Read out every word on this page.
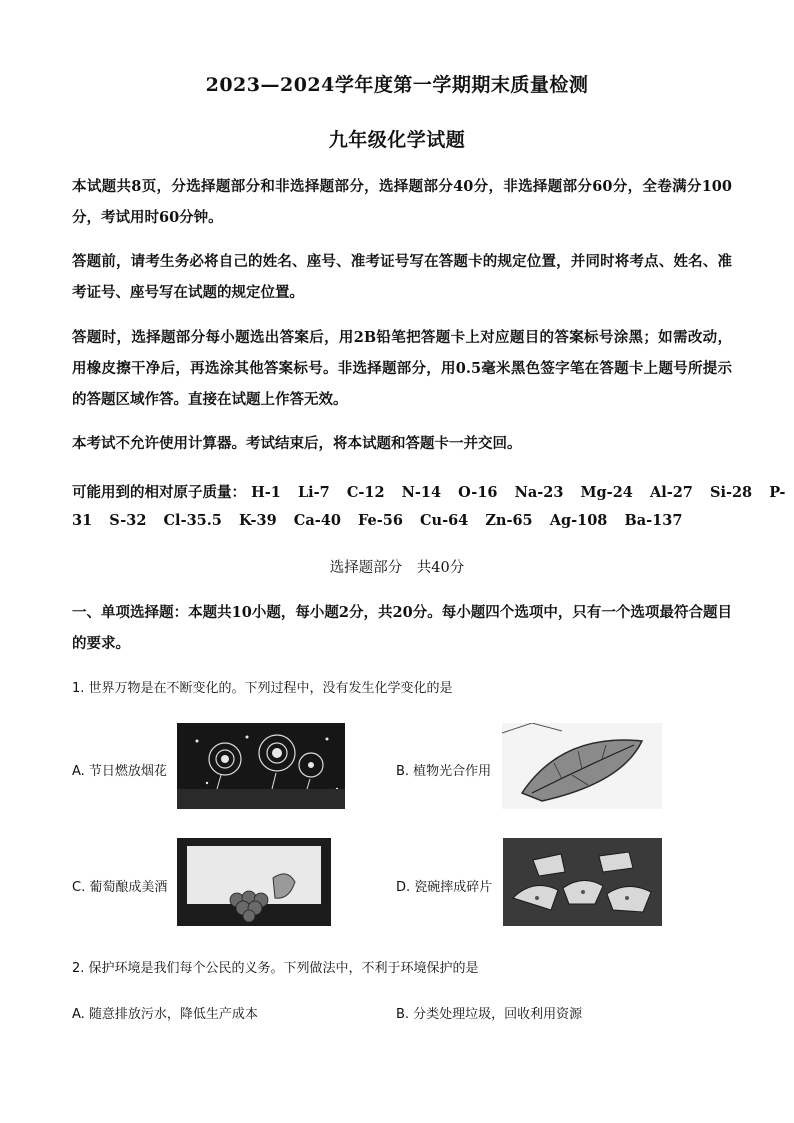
2023—2024学年度第一学期期末质量检测
九年级化学试题
本试题共8页，分选择题部分和非选择题部分，选择题部分40分，非选择题部分60分，全卷满分100分，考试用时60分钟。
答题前，请考生务必将自己的姓名、座号、准考证号写在答题卡的规定位置，并同时将考点、姓名、准考证号、座号写在试题的规定位置。
答题时，选择题部分每小题选出答案后，用2B铅笔把答题卡上对应题目的答案标号涂黑；如需改动，用橡皮擦干净后，再选涂其他答案标号。非选择题部分，用0.5毫米黑色签字笔在答题卡上题号所提示的答题区域作答。直接在试题上作答无效。
本考试不允许使用计算器。考试结束后，将本试题和答题卡一并交回。
可能用到的相对原子质量： H-1 Li-7 C-12 N-14 O-16 Na-23 Mg-24 Al-27 Si-28 P-
31 S-32 Cl-35.5 K-39 Ca-40 Fe-56 Cu-64 Zn-65 Ag-108 Ba-137
选择题部分　共40分
一、单项选择题：本题共10小题，每小题2分，共20分。每小题四个选项中，只有一个选项最符合题目的要求。
1. 世界万物是在不断变化的。下列过程中，没有发生化学变化的是
A. 节日燃放烟花	B. 植物光合作用
C. 葡萄酿成美酒	D. 瓷碗摔成碎片
2. 保护环境是我们每个公民的义务。下列做法中，不利于环境保护的是
A. 随意排放污水，降低生产成本	B. 分类处理垃圾，回收利用资源
